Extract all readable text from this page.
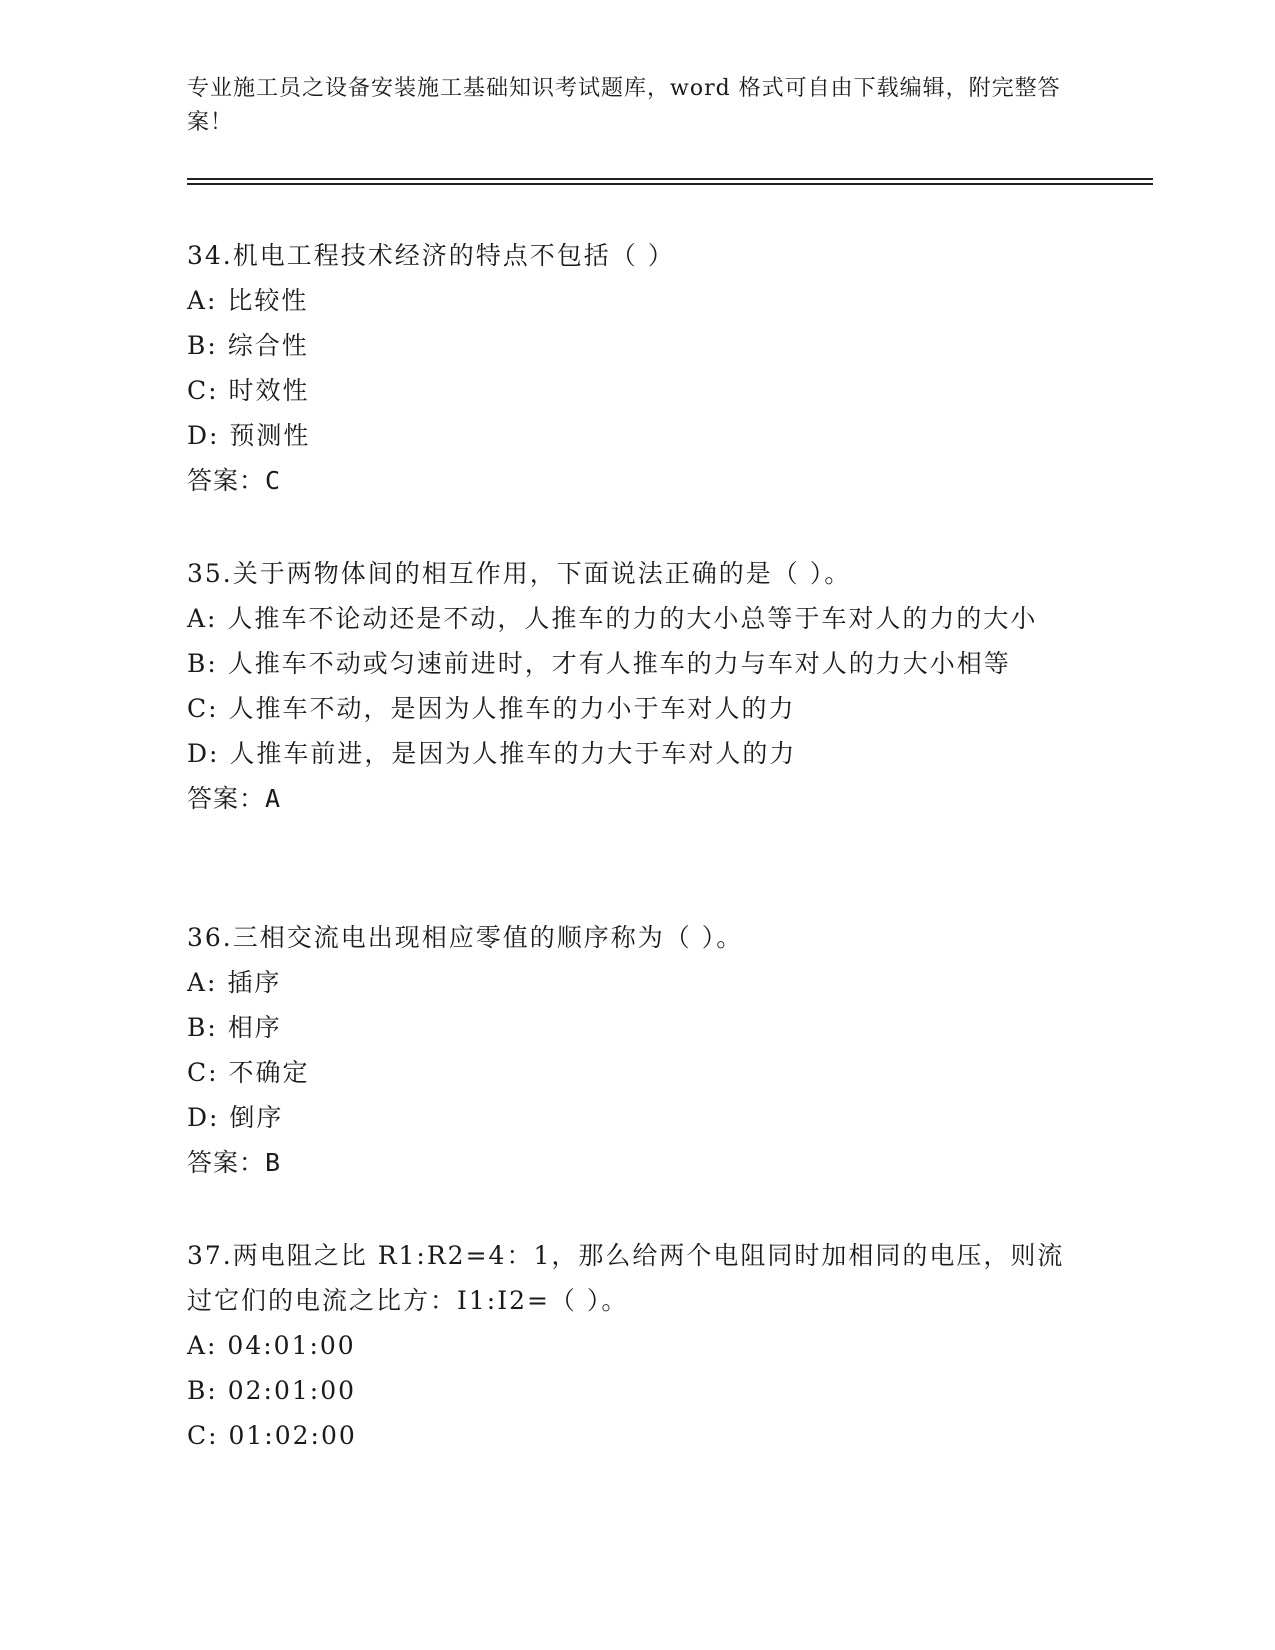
专业施工员之设备安装施工基础知识考试题库，word 格式可自由下载编辑，附完整答案！
34.机电工程技术经济的特点不包括（ ）
A: 比较性
B: 综合性
C: 时效性
D: 预测性
答案：C
35.关于两物体间的相互作用，下面说法正确的是（ ）。
A: 人推车不论动还是不动，人推车的力的大小总等于车对人的力的大小
B: 人推车不动或匀速前进时，才有人推车的力与车对人的力大小相等
C: 人推车不动，是因为人推车的力小于车对人的力
D: 人推车前进，是因为人推车的力大于车对人的力
答案：A
36.三相交流电出现相应零值的顺序称为（ ）。
A: 插序
B: 相序
C: 不确定
D: 倒序
答案：B
37.两电阻之比 R1:R2=4：1，那么给两个电阻同时加相同的电压，则流过它们的电流之比方：I1:I2=（ ）。
A: 04:01:00
B: 02:01:00
C: 01:02:00
